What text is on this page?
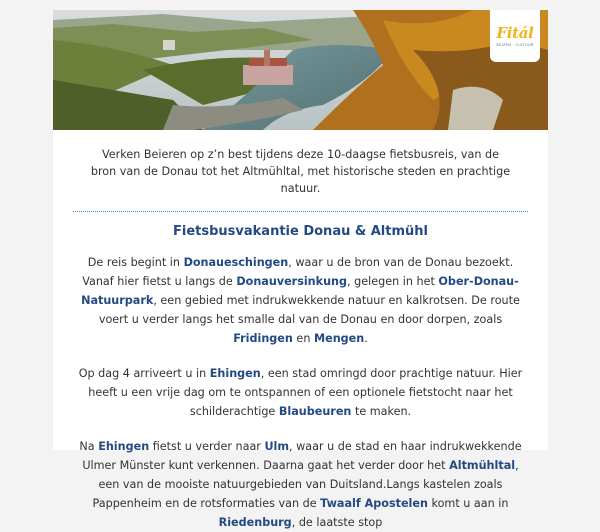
Fitál
REIZEN · CULTUUR

Verken Beieren op z’n best tijdens deze 10-daagse fietsbusreis, van de bron van de Donau tot het Altmühltal, met historische steden en prachtige natuur.

Fietsbusvakantie Donau & Altmühl

De reis begint in Donaueschingen, waar u de bron van de Donau bezoekt. Vanaf hier fietst u langs de Donauversinkung, gelegen in het Ober-Donau-Natuurpark, een gebied met indrukwekkende natuur en kalkrotsen. De route voert u verder langs het smalle dal van de Donau en door dorpen, zoals Fridingen en Mengen.

Op dag 4 arriveert u in Ehingen, een stad omringd door prachtige natuur. Hier heeft u een vrije dag om te ontspannen of een optionele fietstocht naar het schilderachtige Blaubeuren te maken.

Na Ehingen fietst u verder naar Ulm, waar u de stad en haar indrukwekkende Ulmer Münster kunt verkennen. Daarna gaat het verder door het Altmühltal, een van de mooiste natuurgebieden van Duitsland.Langs kastelen zoals Pappenheim en de rotsformaties van de Twaalf Apostelen komt u aan in Riedenburg, de laatste stop
